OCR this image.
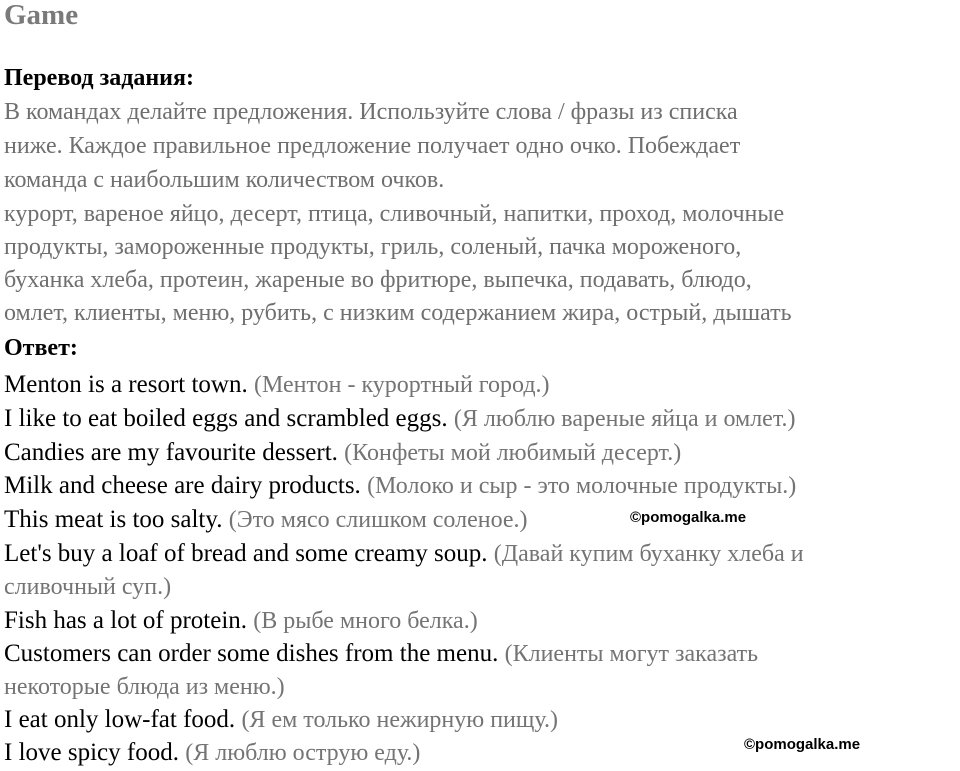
Game
Перевод задания:
В командах делайте предложения. Используйте слова / фразы из списка
ниже. Каждое правильное предложение получает одно очко. Побеждает
команда с наибольшим количеством очков.
курорт, вареное яйцо, десерт, птица, сливочный, напитки, проход, молочные
продукты, замороженные продукты, гриль, соленый, пачка мороженого,
буханка хлеба, протеин, жареные во фритюре, выпечка, подавать, блюдо,
омлет, клиенты, меню, рубить, с низким содержанием жира, острый, дышать
Ответ:
Menton is a resort town. (Ментон - курортный город.)
I like to eat boiled eggs and scrambled eggs. (Я люблю вареные яйца и омлет.)
Candies are my favourite dessert. (Конфеты мой любимый десерт.)
Milk and cheese are dairy products. (Молоко и сыр - это молочные продукты.)
This meat is too salty. (Это мясо слишком соленое.)	©pomogalka.me
Let's buy a loaf of bread and some creamy soup. (Давай купим буханку хлеба и
сливочный суп.)
Fish has a lot of protein. (В рыбе много белка.)
Customers can order some dishes from the menu. (Клиенты могут заказать
некоторые блюда из меню.)
I eat only low-fat food. (Я ем только нежирную пищу.)
I love spicy food. (Я люблю острую еду.)	©pomogalka.me
